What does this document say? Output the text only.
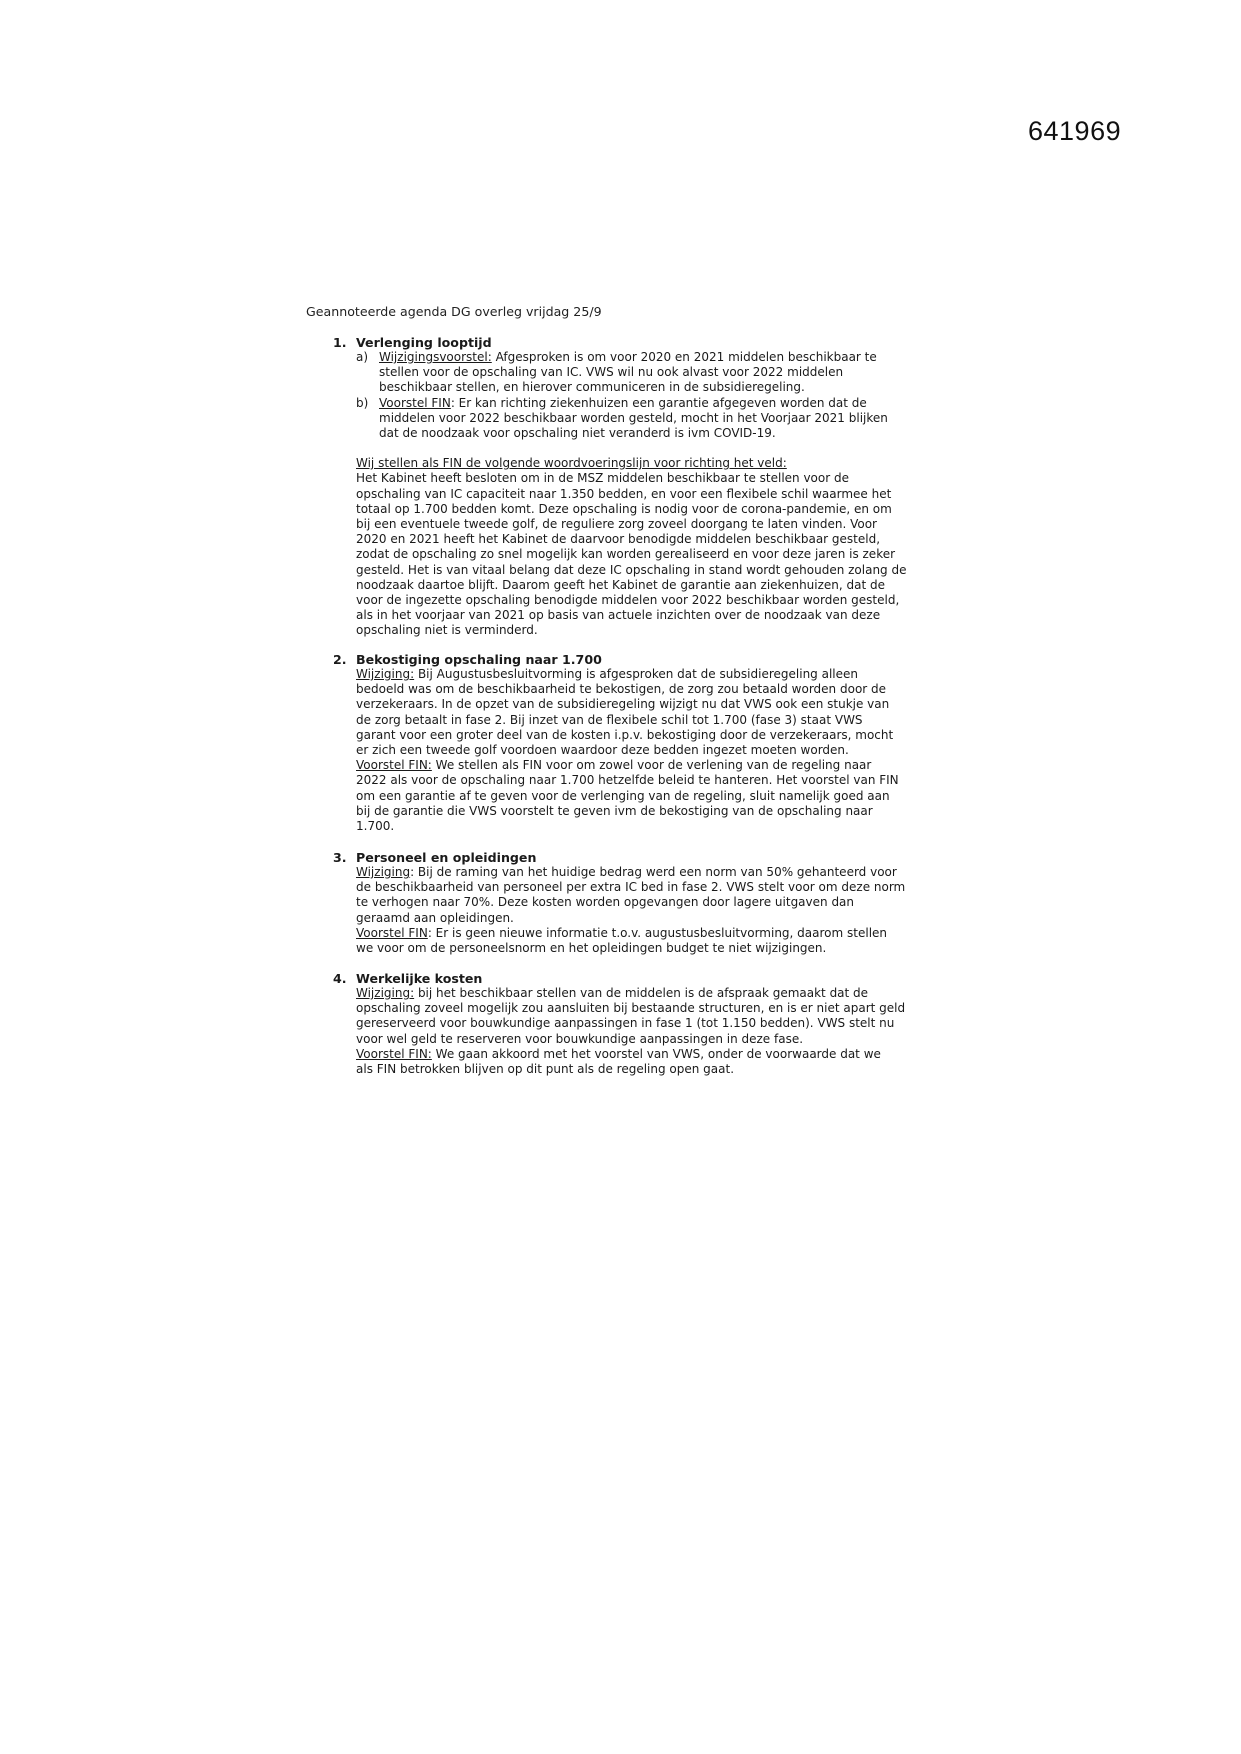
641969
Geannoteerde agenda DG overleg vrijdag 25/9
1. Verlenging looptijd
a) Wijzigingsvoorstel: Afgesproken is om voor 2020 en 2021 middelen beschikbaar te
stellen voor de opschaling van IC. VWS wil nu ook alvast voor 2022 middelen
beschikbaar stellen, en hierover communiceren in de subsidieregeling.
b) Voorstel FIN: Er kan richting ziekenhuizen een garantie afgegeven worden dat de
middelen voor 2022 beschikbaar worden gesteld, mocht in het Voorjaar 2021 blijken
dat de noodzaak voor opschaling niet veranderd is ivm COVID-19.
Wij stellen als FIN de volgende woordvoeringslijn voor richting het veld:
Het Kabinet heeft besloten om in de MSZ middelen beschikbaar te stellen voor de
opschaling van IC capaciteit naar 1.350 bedden, en voor een flexibele schil waarmee het
totaal op 1.700 bedden komt. Deze opschaling is nodig voor de corona-pandemie, en om
bij een eventuele tweede golf, de reguliere zorg zoveel doorgang te laten vinden. Voor
2020 en 2021 heeft het Kabinet de daarvoor benodigde middelen beschikbaar gesteld,
zodat de opschaling zo snel mogelijk kan worden gerealiseerd en voor deze jaren is zeker
gesteld. Het is van vitaal belang dat deze IC opschaling in stand wordt gehouden zolang de
noodzaak daartoe blijft. Daarom geeft het Kabinet de garantie aan ziekenhuizen, dat de
voor de ingezette opschaling benodigde middelen voor 2022 beschikbaar worden gesteld,
als in het voorjaar van 2021 op basis van actuele inzichten over de noodzaak van deze
opschaling niet is verminderd.
2. Bekostiging opschaling naar 1.700
Wijziging: Bij Augustusbesluitvorming is afgesproken dat de subsidieregeling alleen
bedoeld was om de beschikbaarheid te bekostigen, de zorg zou betaald worden door de
verzekeraars. In de opzet van de subsidieregeling wijzigt nu dat VWS ook een stukje van
de zorg betaalt in fase 2. Bij inzet van de flexibele schil tot 1.700 (fase 3) staat VWS
garant voor een groter deel van de kosten i.p.v. bekostiging door de verzekeraars, mocht
er zich een tweede golf voordoen waardoor deze bedden ingezet moeten worden.
Voorstel FIN: We stellen als FIN voor om zowel voor de verlening van de regeling naar
2022 als voor de opschaling naar 1.700 hetzelfde beleid te hanteren. Het voorstel van FIN
om een garantie af te geven voor de verlenging van de regeling, sluit namelijk goed aan
bij de garantie die VWS voorstelt te geven ivm de bekostiging van de opschaling naar
1.700.
3. Personeel en opleidingen
Wijziging: Bij de raming van het huidige bedrag werd een norm van 50% gehanteerd voor
de beschikbaarheid van personeel per extra IC bed in fase 2. VWS stelt voor om deze norm
te verhogen naar 70%. Deze kosten worden opgevangen door lagere uitgaven dan
geraamd aan opleidingen.
Voorstel FIN: Er is geen nieuwe informatie t.o.v. augustusbesluitvorming, daarom stellen
we voor om de personeelsnorm en het opleidingen budget te niet wijzigingen.
4. Werkelijke kosten
Wijziging: bij het beschikbaar stellen van de middelen is de afspraak gemaakt dat de
opschaling zoveel mogelijk zou aansluiten bij bestaande structuren, en is er niet apart geld
gereserveerd voor bouwkundige aanpassingen in fase 1 (tot 1.150 bedden). VWS stelt nu
voor wel geld te reserveren voor bouwkundige aanpassingen in deze fase.
Voorstel FIN: We gaan akkoord met het voorstel van VWS, onder de voorwaarde dat we
als FIN betrokken blijven op dit punt als de regeling open gaat.
